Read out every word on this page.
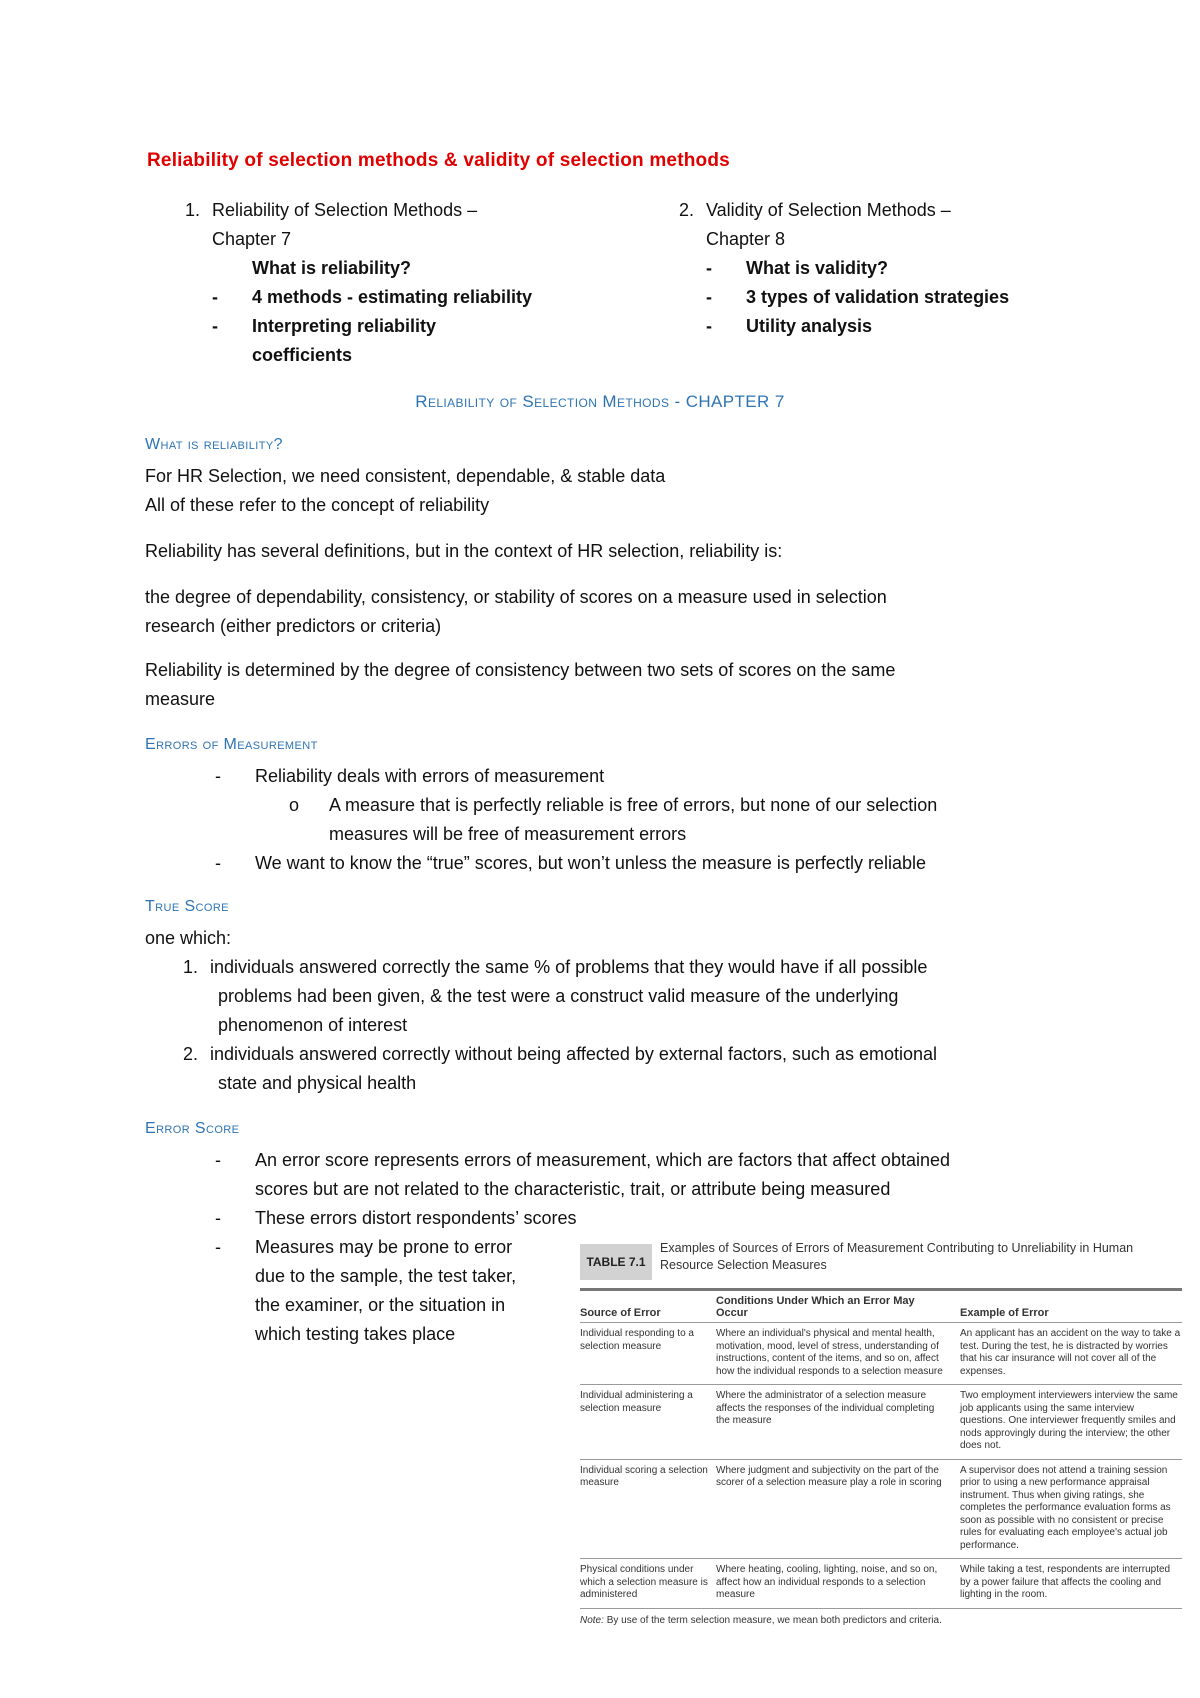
Reliability of selection methods & validity of selection methods
1. Reliability of Selection Methods –
Chapter 7
What is reliability?
- 4 methods - estimating reliability
- Interpreting reliability
coefficients
2. Validity of Selection Methods –
Chapter 8
- What is validity?
- 3 types of validation strategies
- Utility analysis
Reliability of Selection Methods - CHAPTER 7
What is reliability?
For HR Selection, we need consistent, dependable, & stable data
All of these refer to the concept of reliability
Reliability has several definitions, but in the context of HR selection, reliability is:
the degree of dependability, consistency, or stability of scores on a measure used in selection
research (either predictors or criteria)
Reliability is determined by the degree of consistency between two sets of scores on the same
measure
Errors of Measurement
- Reliability deals with errors of measurement
o A measure that is perfectly reliable is free of errors, but none of our selection
measures will be free of measurement errors
- We want to know the “true” scores, but won’t unless the measure is perfectly reliable
True Score
one which:
1. individuals answered correctly the same % of problems that they would have if all possible
problems had been given, & the test were a construct valid measure of the underlying
phenomenon of interest
2. individuals answered correctly without being affected by external factors, such as emotional
state and physical health
Error Score
- An error score represents errors of measurement, which are factors that affect obtained
scores but are not related to the characteristic, trait, or attribute being measured
- These errors distort respondents’ scores
- Measures may be prone to error
due to the sample, the test taker,
the examiner, or the situation in
which testing takes place
TABLE 7.1
Examples of Sources of Errors of Measurement Contributing to Unreliability in Human Resource Selection Measures
Source of Error
Conditions Under Which an Error May Occur	Example of Error
Individual responding to a selection measure
Where an individual's physical and mental health, motivation, mood, level of stress, understanding of instructions, content of the items, and so on, affect how the individual responds to a selection measure
An applicant has an accident on the way to take a test. During the test, he is distracted by worries that his car insurance will not cover all of the expenses.
Individual administering a selection measure
Where the administrator of a selection measure affects the responses of the individual completing the measure
Two employment interviewers interview the same job applicants using the same interview questions. One interviewer frequently smiles and nods approvingly during the interview; the other does not.
Individual scoring a selection measure
Where judgment and subjectivity on the part of the scorer of a selection measure play a role in scoring
A supervisor does not attend a training session prior to using a new performance appraisal instrument. Thus when giving ratings, she completes the performance evaluation forms as soon as possible with no consistent or precise rules for evaluating each employee's actual job performance.
Physical conditions under which a selection measure is administered
Where heating, cooling, lighting, noise, and so on, affect how an individual responds to a selection measure
While taking a test, respondents are interrupted by a power failure that affects the cooling and lighting in the room.
Note: By use of the term selection measure, we mean both predictors and criteria.
